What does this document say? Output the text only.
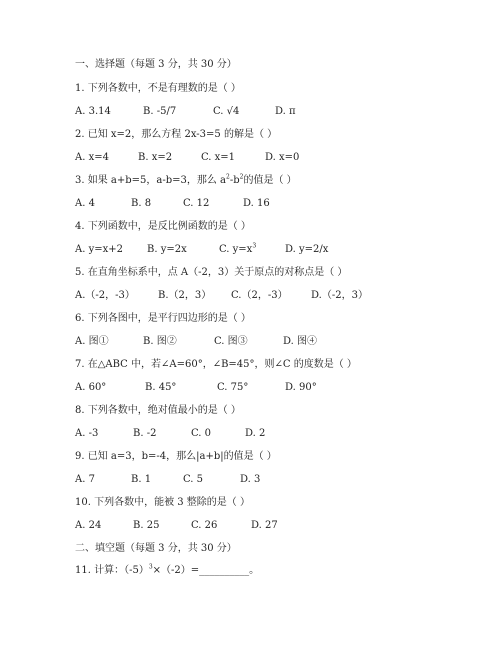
一、选择题（每题 3 分，共 30 分）
1. 下列各数中，不是有理数的是（ ）
A. 3.14	B. -5/7	C. √4	D. π
2. 已知 x=2，那么方程 2x-3=5 的解是（ ）
A. x=4	B. x=2	C. x=1	D. x=0
3. 如果 a+b=5，a-b=3，那么 $a^2-b^2$的值是（ ）
A. 4	B. 8	C. 12	D. 16
4. 下列函数中，是反比例函数的是（ ）
A. y=x+2 B. y=2x	C. $y=x^3$	D. y=2/x
5. 在直角坐标系中，点 A（-2，3）关于原点的对称点是（ ）
A.（-2，-3） B.（2，3） C.（2，-3） D.（-2，3）
6. 下列各图中，是平行四边形的是（ ）
A. 图①	B. 图②	C. 图③	D. 图④
7. 在△ABC 中，若∠A=60°，∠B=45°，则∠C 的度数是（ ）
A. 60°	B. 45°	C. 75°	D. 90°
8. 下列各数中，绝对值最小的是（ ）
A. -3	B. -2	C. 0	D. 2
9. 已知 a=3，b=-4，那么|a+b|的值是（ ）
A. 7	B. 1	C. 5	D. 3
10. 下列各数中，能被 3 整除的是（ ）
A. 24	B. 25	C. 26	D. 27
二、填空题（每题 3 分，共 30 分）
11. 计算：$(-5)^3\times(-2)=\_\_\_\_\_\_\_\_\_\_$。
